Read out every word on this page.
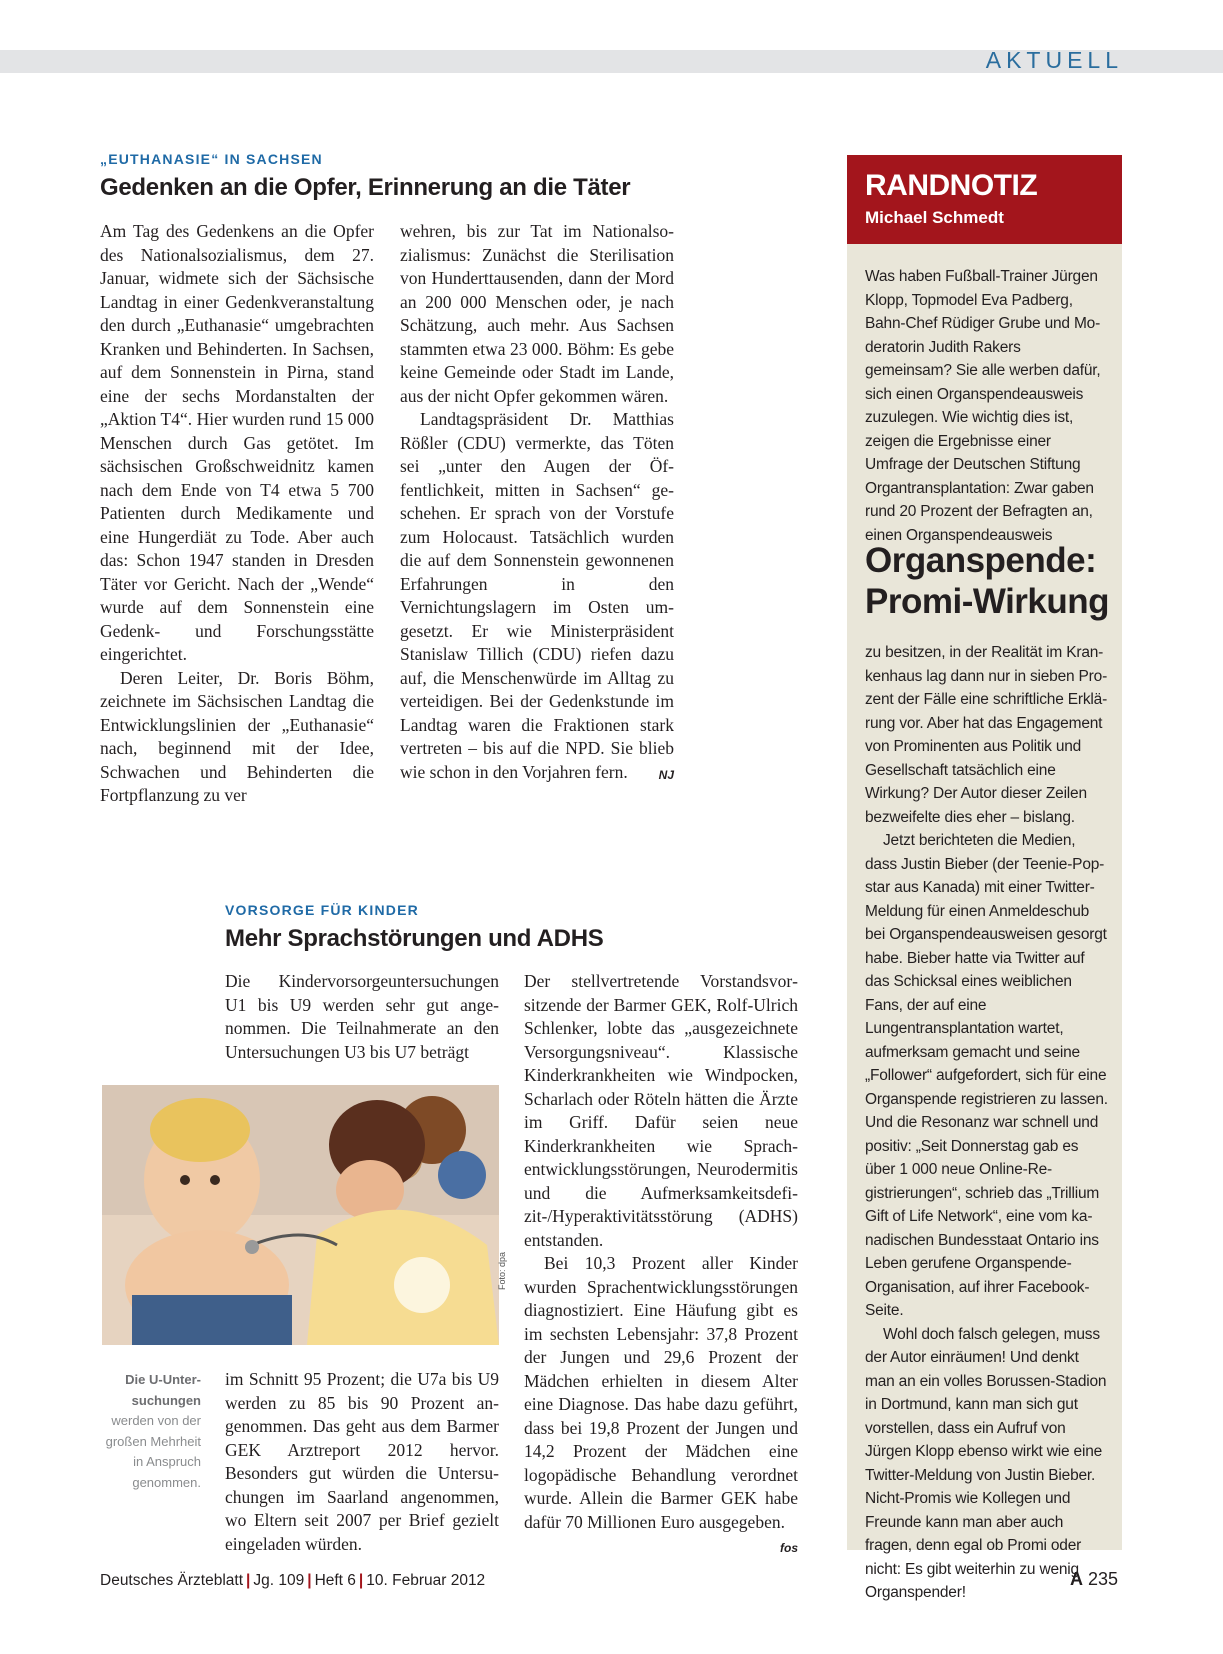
AKTUELL
„EUTHANASIE“ IN SACHSEN
Gedenken an die Opfer, Erinnerung an die Täter

Am Tag des Gedenkens an die Opfer des Nationalsozialismus, dem 27. Januar, widmete sich der Sächsische Landtag in einer Gedenkveranstaltung den durch „Euthanasie“ umgebrachten Kranken und Behinderten. In Sachsen, auf dem Sonnenstein in Pirna, stand eine der sechs Mordanstalten der „Aktion T4“. Hier wurden rund 15 000 Menschen durch Gas getötet. Im sächsischen Großschweidnitz kamen nach dem Ende von T4 etwa 5 700 Patienten durch Medikamente und eine Hungerdiät zu Tode. Aber auch das: Schon 1947 standen in Dresden Täter vor Gericht. Nach der „Wende“ wurde auf dem Sonnenstein eine Gedenk- und Forschungsstätte eingerichtet.

Deren Leiter, Dr. Boris Böhm, zeichnete im Sächsischen Landtag die Entwicklungslinien der „Euthanasie“ nach, beginnend mit der Idee, Schwachen und Behinderten die Fortpflanzung zu ver

wehren, bis zur Tat im Nationalsozialismus: Zunächst die Sterilisation von Hunderttausenden, dann der Mord an 200 000 Menschen oder, je nach Schätzung, auch mehr. Aus Sachsen stammten etwa 23 000. Böhm: Es gebe keine Gemeinde oder Stadt im Lande, aus der nicht Opfer gekommen wären.

Landtagspräsident Dr. Matthias Rößler (CDU) vermerkte, das Töten sei „unter den Augen der Öffentlichkeit, mitten in Sachsen“ geschehen. Er sprach von der Vorstufe zum Holocaust. Tatsächlich wurden die auf dem Sonnenstein gewonnenen Erfahrungen in den Vernichtungslagern im Osten umgesetzt. Er wie Ministerpräsident Stanislaw Tillich (CDU) riefen dazu auf, die Menschenwürde im Alltag zu verteidigen. Bei der Gedenkstunde im Landtag waren die Fraktionen stark vertreten – bis auf die NPD. Sie blieb wie schon in den Vorjahren fern.	NJ

VORSORGE FÜR KINDER
Mehr Sprachstörungen und ADHS

Die Kindervorsorgeuntersuchungen U1 bis U9 werden sehr gut angenommen. Die Teilnahmerate an den Untersuchungen U3 bis U7 beträgt

Foto: dpa
Die U-Untersuchungen werden von der großen Mehrheit in Anspruch genommen.

im Schnitt 95 Prozent; die U7a bis U9 werden zu 85 bis 90 Prozent angenommen. Das geht aus dem Barmer GEK Arztreport 2012 hervor. Besonders gut würden die Untersuchungen im Saarland angenommen, wo Eltern seit 2007 per Brief gezielt eingeladen würden.

Der stellvertretende Vorstandsvorsitzende der Barmer GEK, Rolf-Ulrich Schlenker, lobte das „ausgezeichnete Versorgungsniveau“. Klassische Kinderkrankheiten wie Windpocken, Scharlach oder Röteln hätten die Ärzte im Griff. Dafür seien neue Kinderkrankheiten wie Sprachentwicklungsstörungen, Neurodermitis und die Aufmerksamkeitsdefizit-/Hyperaktivitätsstörung (ADHS) entstanden.

Bei 10,3 Prozent aller Kinder wurden Sprachentwicklungsstörungen diagnostiziert. Eine Häufung gibt es im sechsten Lebensjahr: 37,8 Prozent der Jungen und 29,6 Prozent der Mädchen erhielten in diesem Alter eine Diagnose. Das habe dazu geführt, dass bei 19,8 Prozent der Jungen und 14,2 Prozent der Mädchen eine logopädische Behandlung verordnet wurde. Allein die Barmer GEK habe dafür 70 Millionen Euro ausgegeben.
fos

RANDNOTIZ
Michael Schmedt

Was haben Fußball-Trainer Jürgen Klopp, Topmodel Eva Padberg, Bahn-Chef Rüdiger Grube und Moderatorin Judith Rakers gemeinsam? Sie alle werben dafür, sich einen Organspendeausweis zuzulegen. Wie wichtig dies ist, zeigen die Ergebnisse einer Umfrage der Deutschen Stiftung Organtransplantation: Zwar gaben rund 20 Prozent der Befragten an, einen Organspendeausweis

Organspende:
Promi-Wirkung

zu besitzen, in der Realität im Krankenhaus lag dann nur in sieben Prozent der Fälle eine schriftliche Erklärung vor. Aber hat das Engagement von Prominenten aus Politik und Gesellschaft tatsächlich eine Wirkung? Der Autor dieser Zeilen bezweifelte dies eher – bislang.

Jetzt berichteten die Medien, dass Justin Bieber (der Teenie-Popstar aus Kanada) mit einer Twitter-Meldung für einen Anmeldeschub bei Organspendeausweisen gesorgt habe. Bieber hatte via Twitter auf das Schicksal eines weiblichen Fans, der auf eine Lungentransplantation wartet, aufmerksam gemacht und seine „Follower“ aufgefordert, sich für eine Organspende registrieren zu lassen. Und die Resonanz war schnell und positiv: „Seit Donnerstag gab es über 1 000 neue Online-Registrierungen“, schrieb das „Trillium Gift of Life Network“, eine vom kanadischen Bundesstaat Ontario ins Leben gerufene Organspende-Organisation, auf ihrer Facebook-Seite.

Wohl doch falsch gelegen, muss der Autor einräumen! Und denkt man an ein volles Borussen-Stadion in Dortmund, kann man sich gut vorstellen, dass ein Aufruf von Jürgen Klopp ebenso wirkt wie eine Twitter-Meldung von Justin Bieber. Nicht-Promis wie Kollegen und Freunde kann man aber auch fragen, denn egal ob Promi oder nicht: Es gibt weiterhin zu wenig Organspender!

Deutsches Ärzteblatt | Jg. 109 | Heft 6 | 10. Februar 2012	A 235
